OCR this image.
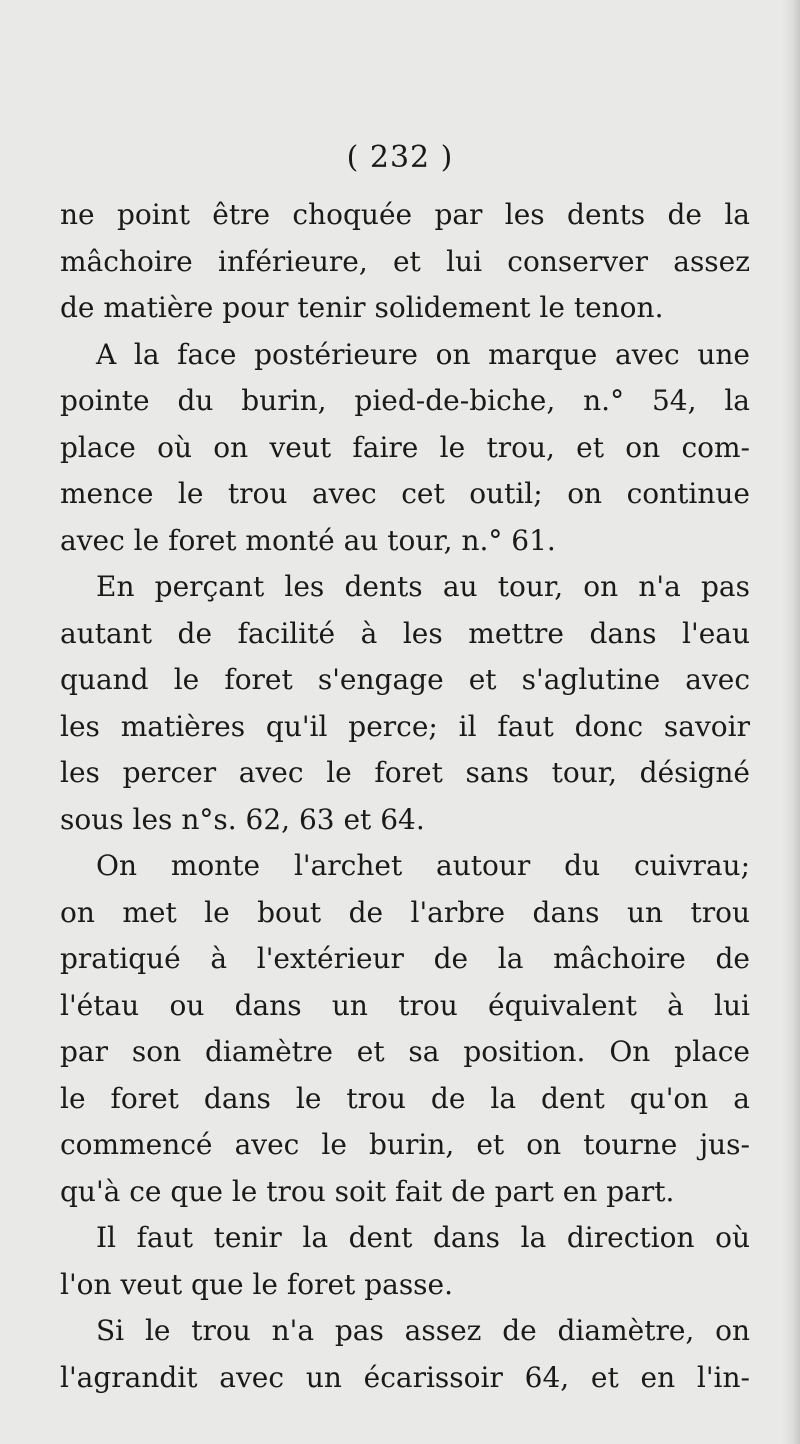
( 232 )
ne point être choquée par les dents de la
mâchoire inférieure, et lui conserver assez
de matière pour tenir solidement le tenon.
A la face postérieure on marque avec une
pointe du burin, pied-de-biche, n.° 54, la
place où on veut faire le trou, et on com-
mence le trou avec cet outil; on continue
avec le foret monté au tour, n.° 61.
En perçant les dents au tour, on n'a pas
autant de facilité à les mettre dans l'eau
quand le foret s'engage et s'aglutine avec
les matières qu'il perce; il faut donc savoir
les percer avec le foret sans tour, désigné
sous les n°s. 62, 63 et 64.
On monte l'archet autour du cuivrau;
on met le bout de l'arbre dans un trou
pratiqué à l'extérieur de la mâchoire de
l'étau ou dans un trou équivalent à lui
par son diamètre et sa position. On place
le foret dans le trou de la dent qu'on a
commencé avec le burin, et on tourne jus-
qu'à ce que le trou soit fait de part en part.
Il faut tenir la dent dans la direction où
l'on veut que le foret passe.
Si le trou n'a pas assez de diamètre, on
l'agrandit avec un écarissoir 64, et en l'in-
